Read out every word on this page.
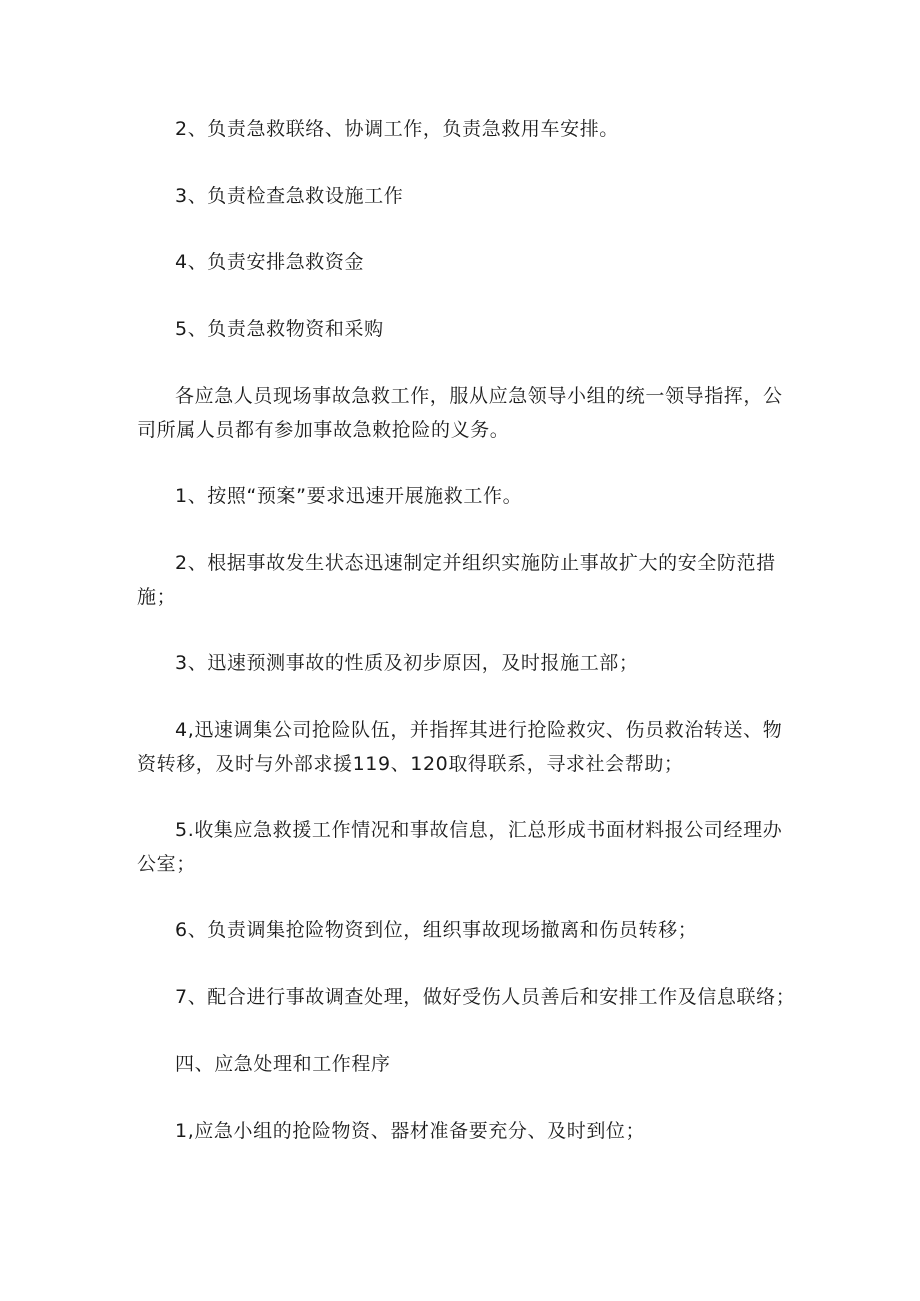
2、负责急救联络、协调工作，负责急救用车安排。

3、负责检查急救设施工作

4、负责安排急救资金

5、负责急救物资和采购

各应急人员现场事故急救工作，服从应急领导小组的统一领导指挥，公司所属人员都有参加事故急敕抢险的义务。

1、按照“预案”要求迅速开展施救工作。

2、根据事故发生状态迅速制定并组织实施防止事故扩大的安全防范措施；

3、迅速预测事故的性质及初步原因，及时报施工部；

4,迅速调集公司抢险队伍，并指挥其进行抢险救灾、伤员救治转送、物资转移，及时与外部求援119、120取得联系，寻求社会帮助；

5.收集应急救援工作情况和事故信息，汇总形成书面材料报公司经理办公室；

6、负责调集抢险物资到位，组织事故现场撤离和伤员转移；

7、配合进行事故调查处理，做好受伤人员善后和安排工作及信息联络；

四、应急处理和工作程序

1,应急小组的抢险物资、器材准备要充分、及时到位；
